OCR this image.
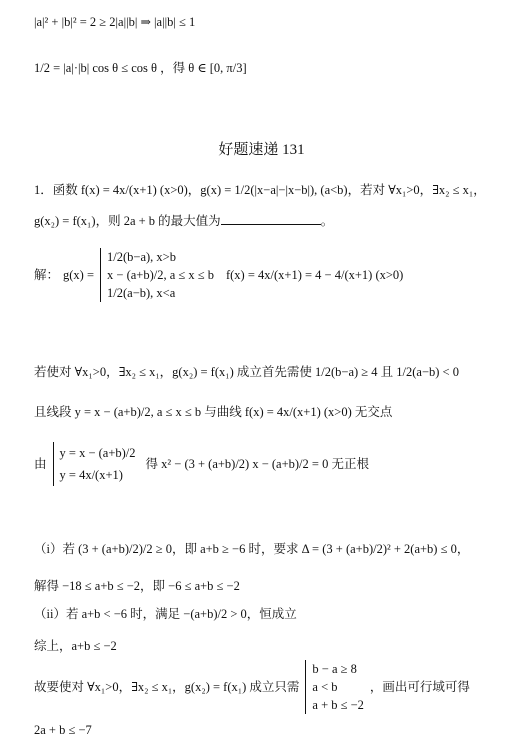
|a|² + |b|² = 2 ≥ 2|a||b| ⇒ |a||b| ≤ 1
1/2 = |a|·|b| cos θ ≤ cos θ ，得 θ ∈ [0, π/3]
好题速递 131
1．函数 f(x) = 4x/(x+1) (x>0)，g(x) = 1/2(|x−a|−|x−b|), (a<b)，若对 ∀x₁>0，∃x₂ ≤ x₁，
g(x₂) = f(x₁)，则 2a + b 的最大值为	。
解： g(x) =
1/2(b−a), x>b
x − (a+b)/2, a ≤ x ≤ b
1/2(a−b), x<a
f(x) = 4x/(x+1) = 4 − 4/(x+1) (x>0)
若使对 ∀x₁>0，∃x₂ ≤ x₁，g(x₂) = f(x₁) 成立首先需使 1/2(b−a) ≥ 4 且 1/2(a−b) < 0
且线段 y = x − (a+b)/2, a ≤ x ≤ b 与曲线 f(x) = 4x/(x+1) (x>0) 无交点
由
y = x − (a+b)/2
y = 4x/(x+1)
得 x² − (3 + (a+b)/2) x − (a+b)/2 = 0 无正根
（i）若 (3 + (a+b)/2)/2 ≥ 0，即 a+b ≥ −6 时，要求 Δ = (3 + (a+b)/2)² + 2(a+b) ≤ 0，
解得 −18 ≤ a+b ≤ −2，即 −6 ≤ a+b ≤ −2
（ii）若 a+b < −6 时，满足 −(a+b)/2 > 0，恒成立
综上，a+b ≤ −2
故要使对 ∀x₁>0，∃x₂ ≤ x₁，g(x₂) = f(x₁) 成立只需
b − a ≥ 8
a < b
a + b ≤ −2
，画出可行域可得
2a + b ≤ −7
